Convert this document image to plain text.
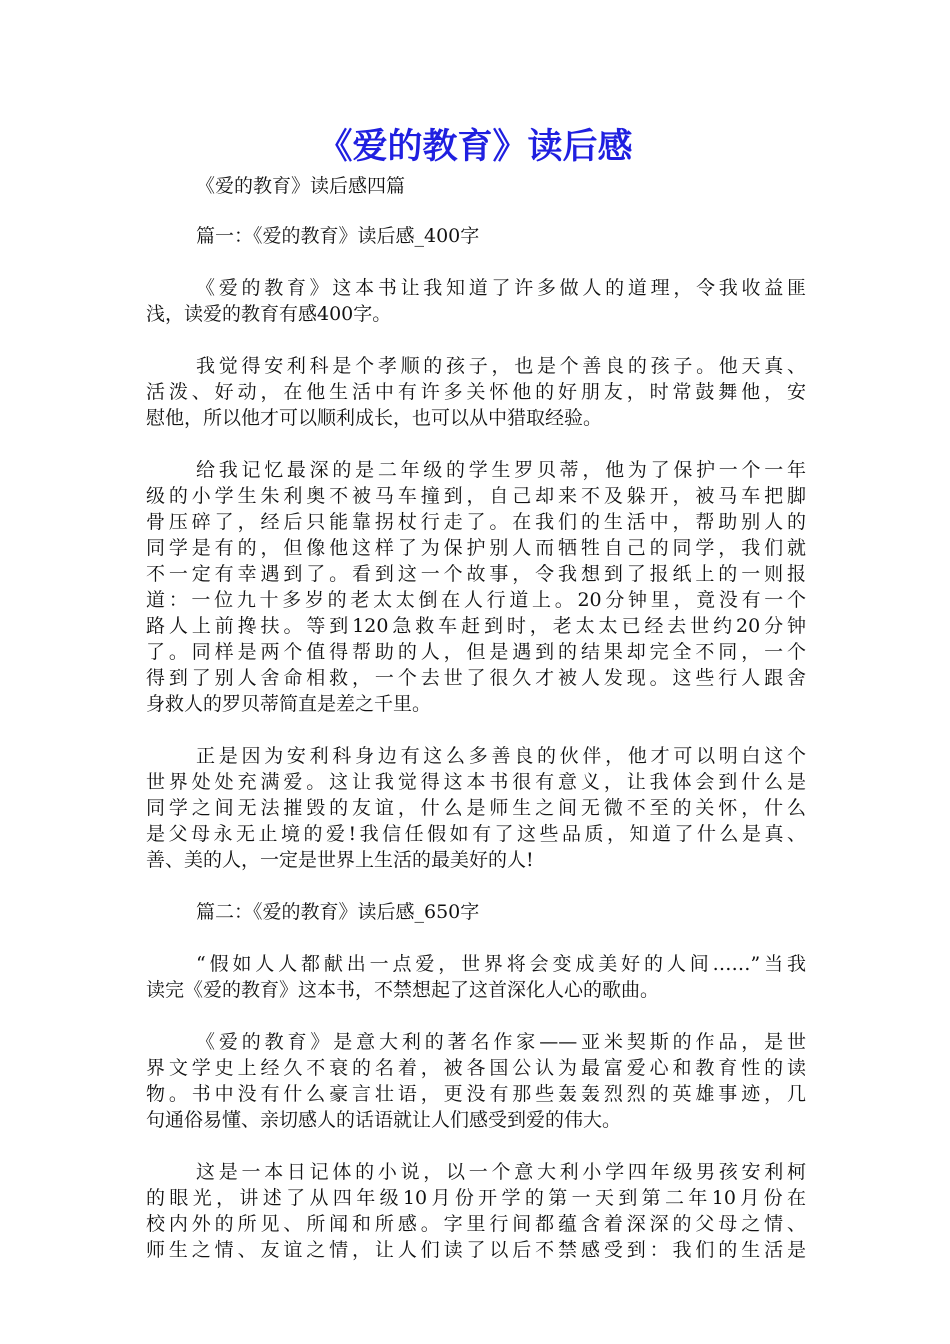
《爱的教育》读后感

《爱的教育》读后感四篇

篇一：《爱的教育》读后感_400字

《爱的教育》这本书让我知道了许多做人的道理，令我收益匪
浅，读爱的教育有感400字。
我觉得安利科是个孝顺的孩子，也是个善良的孩子。他天真、
活泼、好动，在他生活中有许多关怀他的好朋友，时常鼓舞他，安
慰他，所以他才可以顺利成长，也可以从中猎取经验。
给我记忆最深的是二年级的学生罗贝蒂，他为了保护一个一年
级的小学生朱利奥不被马车撞到，自己却来不及躲开，被马车把脚
骨压碎了，经后只能靠拐杖行走了。在我们的生活中，帮助别人的
同学是有的，但像他这样了为保护别人而牺牲自己的同学，我们就
不一定有幸遇到了。看到这一个故事，令我想到了报纸上的一则报
道：一位九十多岁的老太太倒在人行道上。20分钟里，竟没有一个
路人上前搀扶。等到120急救车赶到时，老太太已经去世约20分钟
了。同样是两个值得帮助的人，但是遇到的结果却完全不同，一个
得到了别人舍命相救，一个去世了很久才被人发现。这些行人跟舍
身救人的罗贝蒂简直是差之千里。
正是因为安利科身边有这么多善良的伙伴，他才可以明白这个
世界处处充满爱。这让我觉得这本书很有意义，让我体会到什么是
同学之间无法摧毁的友谊，什么是师生之间无微不至的关怀，什么
是父母永无止境的爱!我信任假如有了这些品质，知道了什么是真、
善、美的人，一定是世界上生活的最美好的人!

篇二：《爱的教育》读后感_650字

“假如人人都献出一点爱，世界将会变成美好的人间……”当我
读完《爱的教育》这本书，不禁想起了这首深化人心的歌曲。
《爱的教育》是意大利的著名作家——亚米契斯的作品，是世
界文学史上经久不衰的名着，被各国公认为最富爱心和教育性的读
物。书中没有什么豪言壮语，更没有那些轰轰烈烈的英雄事迹，几
句通俗易懂、亲切感人的话语就让人们感受到爱的伟大。
这是一本日记体的小说，以一个意大利小学四年级男孩安利柯
的眼光，讲述了从四年级10月份开学的第一天到第二年10月份在
校内外的所见、所闻和所感。字里行间都蕴含着深深的父母之情、
师生之情、友谊之情，让人们读了以后不禁感受到：我们的生活是
